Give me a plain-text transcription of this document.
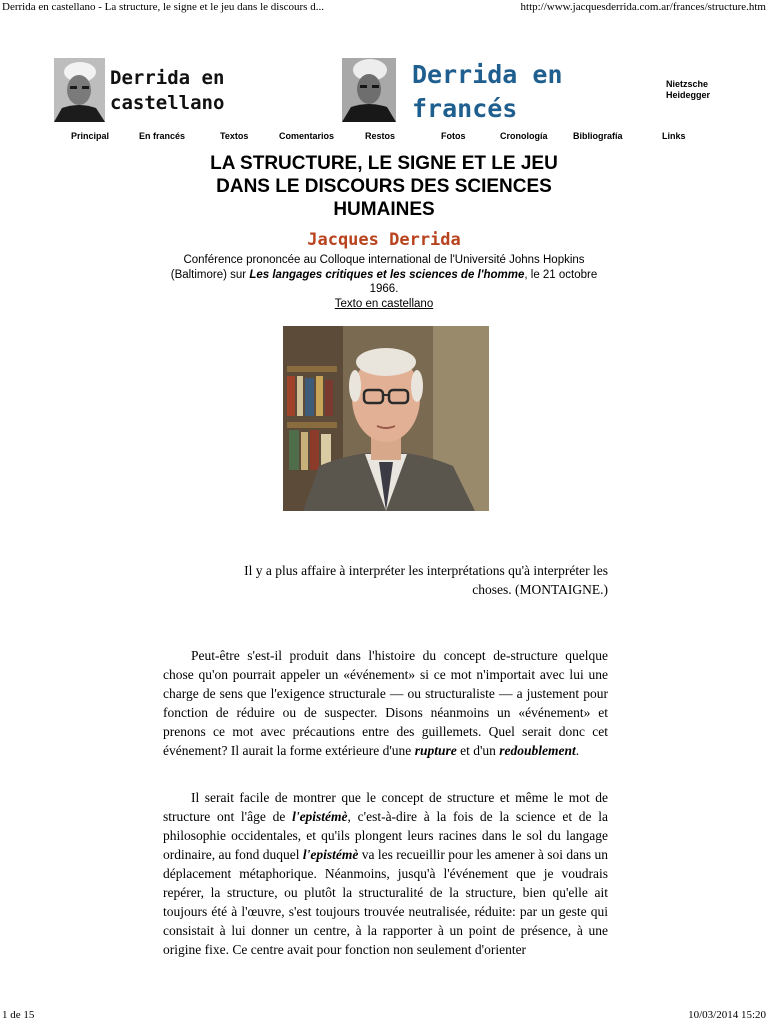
Derrida en castellano - La structure, le signe et le jeu dans le discours d...	http://www.jacquesderrida.com.ar/frances/structure.htm
Derrida en
castellano
Derrida en
francés
Nietzsche
Heidegger
Principal	En francés	Textos	Comentarios	Restos	Fotos	Cronología	Bibliografía	Links
LA STRUCTURE, LE SIGNE ET LE JEU
DANS LE DISCOURS DES SCIENCES
HUMAINES
Jacques Derrida
Conférence prononcée au Colloque international de l'Université Johns Hopkins (Baltimore) sur Les langages critiques et les sciences de l'homme, le 21 octobre 1966.
Texto en castellano
Il y a plus affaire à interpréter les interprétations qu'à interpréter les
choses. (MONTAIGNE.)

Peut-être s'est-il produit dans l'histoire du concept de-structure quelque chose qu'on pourrait appeler un «événement» si ce mot n'importait avec lui une charge de sens que l'exigence structurale — ou structuraliste — a justement pour fonction de réduire ou de suspecter. Disons néanmoins un «événement» et prenons ce mot avec précautions entre des guillemets. Quel serait donc cet événement? Il aurait la forme extérieure d'une rupture et d'un redoublement.

Il serait facile de montrer que le concept de structure et même le mot de structure ont l'âge de l'epistémè, c'est-à-dire à la fois de la science et de la philosophie occidentales, et qu'ils plongent leurs racines dans le sol du langage ordinaire, au fond duquel l'epistémè va les recueillir pour les amener à soi dans un déplacement métaphorique. Néanmoins, jusqu'à l'événement que je voudrais repérer, la structure, ou plutôt la structuralité de la structure, bien qu'elle ait toujours été à l'œuvre, s'est toujours trouvée neutralisée, réduite: par un geste qui consistait à lui donner un centre, à la rapporter à un point de présence, à une origine fixe. Ce centre avait pour fonction non seulement d'orienter

1 de 15	10/03/2014 15:20
